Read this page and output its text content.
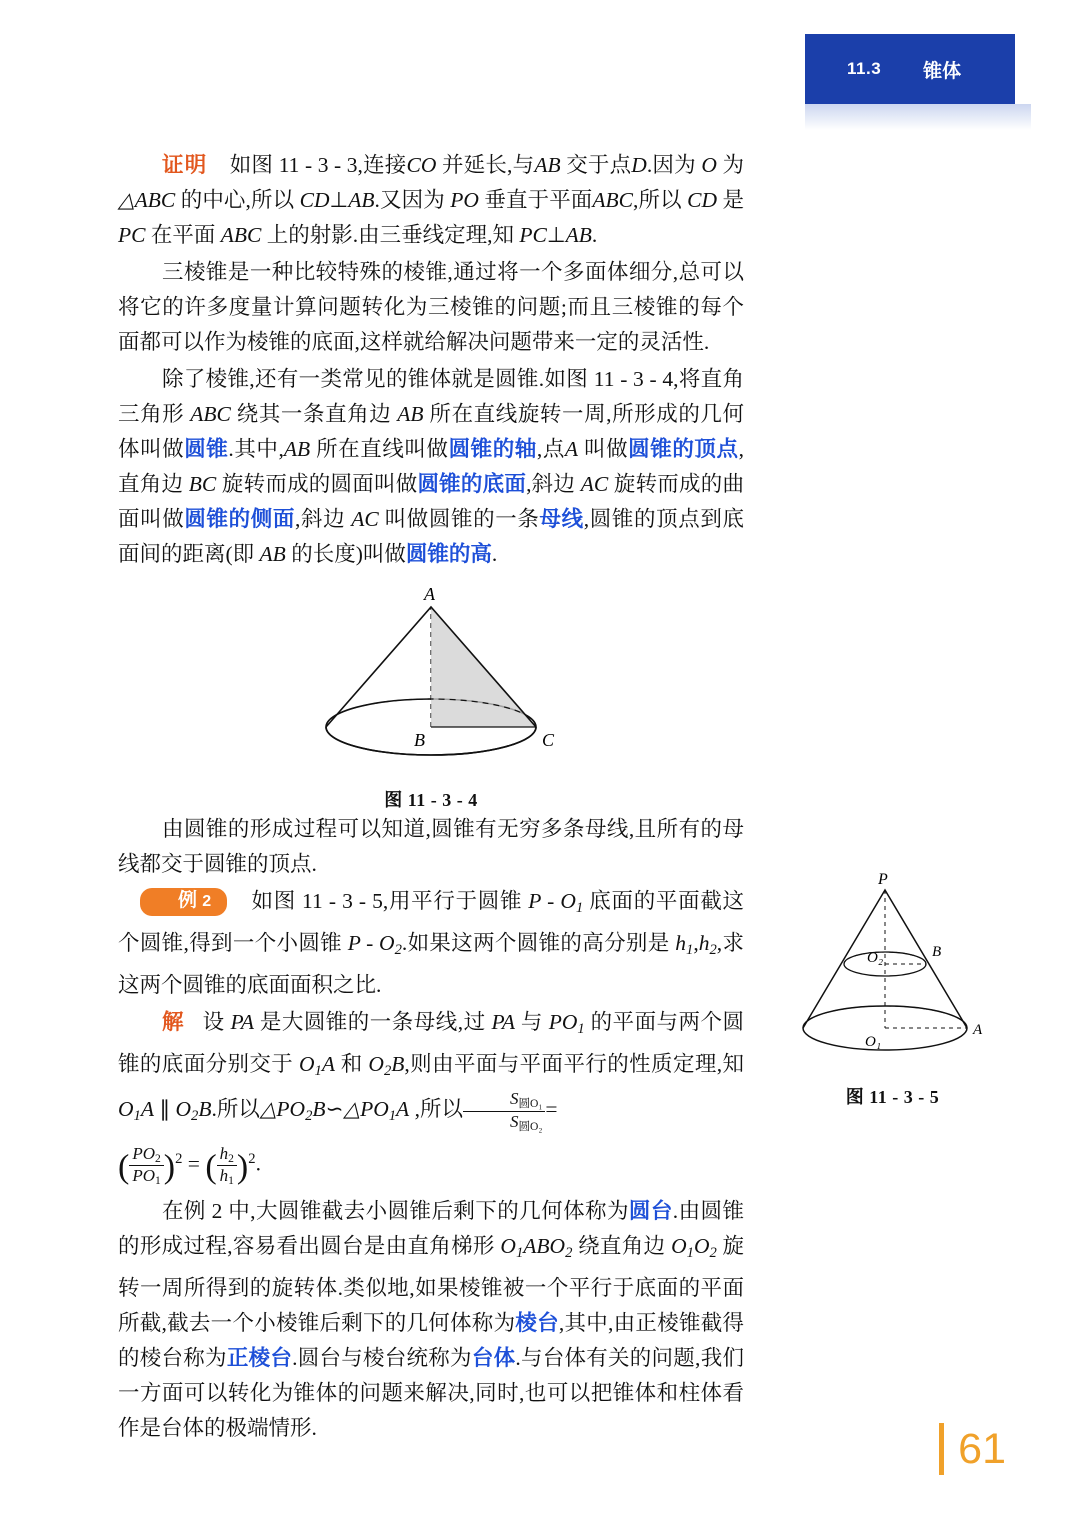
11.3 锥体

证明 如图 11 - 3 - 3,连接CO 并延长,与AB 交于点D.因为 O 为 △ABC 的中心,所以 CD⊥AB.又因为 PO 垂直于平面ABC,所以 CD 是 PC 在平面 ABC 上的射影.由三垂线定理,知 PC⊥AB.

三棱锥是一种比较特殊的棱锥,通过将一个多面体细分,总可以将它的许多度量计算问题转化为三棱锥的问题;而且三棱锥的每个面都可以作为棱锥的底面,这样就给解决问题带来一定的灵活性.

除了棱锥,还有一类常见的锥体就是圆锥.如图 11 - 3 - 4,将直角三角形 ABC 绕其一条直角边 AB 所在直线旋转一周,所形成的几何体叫做圆锥.其中,AB 所在直线叫做圆锥的轴,点A 叫做圆锥的顶点,直角边 BC 旋转而成的圆面叫做圆锥的底面,斜边 AC 旋转而成的曲面叫做圆锥的侧面,斜边 AC 叫做圆锥的一条母线,圆锥的顶点到底面间的距离(即 AB 的长度)叫做圆锥的高.

A
B	C
图 11 - 3 - 4

由圆锥的形成过程可以知道,圆锥有无穷多条母线,且所有的母线都交于圆锥的顶点.

例 2 如图 11 - 3 - 5,用平行于圆锥 P - $O_1$ 底面的平面截这个圆锥,得到一个小圆锥 P - $O_2$.如果这两个圆锥的高分别是 $h_1,h_2$,求这两个圆锥的底面面积之比.

解 设 PA 是大圆锥的一条母线,过 PA 与 $PO_1$ 的平面与两个圆锥的底面分别交于 $O_1A$ 和 $O_2B$,则由平面与平面平行的性质定理,知 $O_1A$ ∥ $O_2B$.所以$\triangle PO_2B∽\triangle PO_1A$ ,所以 $\frac{S_{圆O_1}}{S_{圆O_2}}$ =

( $\frac{PO_2}{PO_1} )^2$ = ( $\frac{h_2}{h_1} )^2$.

在例 2 中,大圆锥截去小圆锥后剩下的几何体称为圆台.由圆锥的形成过程,容易看出圆台是由直角梯形 $O_1ABO_2$ 绕直角边 $O_1O_2$ 旋转一周所得到的旋转体.类似地,如果棱锥被一个平行于底面的平面所截,截去一个小棱锥后剩下的几何体称为棱台,其中,由正棱锥截得的棱台称为正棱台.圆台与棱台统称为台体.与台体有关的问题,我们一方面可以转化为锥体的问题来解决,同时,也可以把锥体和柱体看作是台体的极端情形.

P
O₂	B
O₁
A
图 11 - 3 - 5
61
